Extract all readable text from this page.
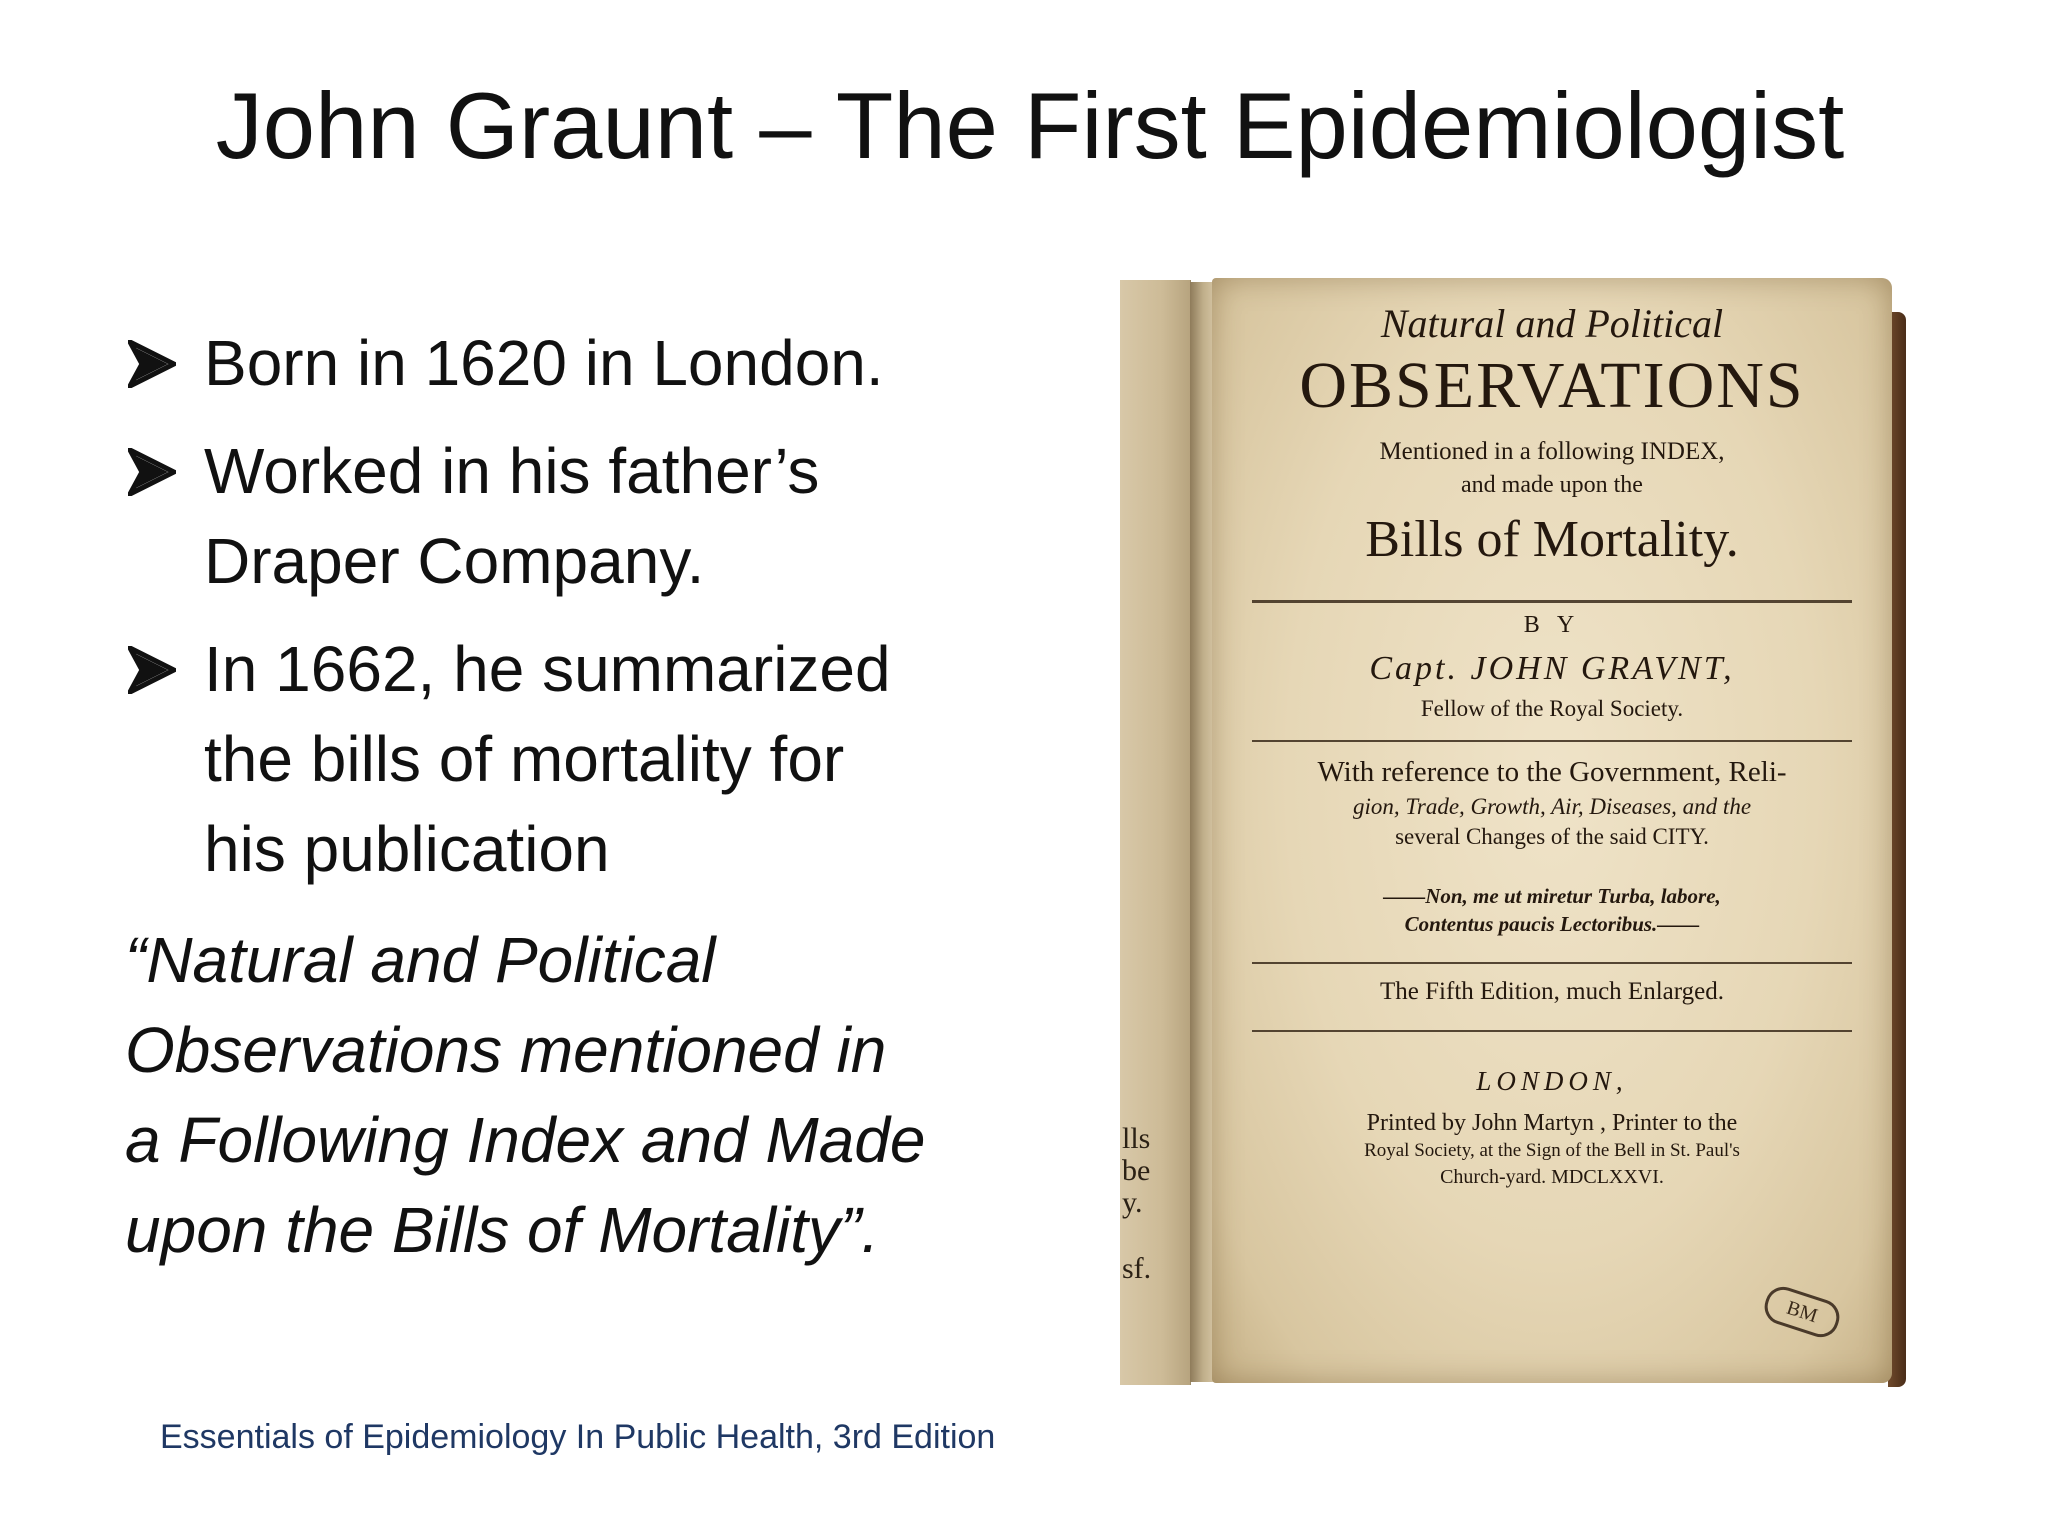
John Graunt – The First Epidemiologist
Born in 1620 in London.
Worked in his father’s
Draper Company.
In 1662, he summarized
the bills of mortality for
his publication
“Natural and Political
Observations mentioned in
a Following Index and Made
upon the Bills of Mortality”.
Essentials of Epidemiology In Public Health, 3rd Edition
lls
be
y.
sf.
Natural and Political
OBSERVATIONS
Mentioned in a following INDEX,
and made upon the
Bills of Mortality.
B Y
Capt. JOHN GRAVNT,
Fellow of the Royal Society.
With reference to the Government, Reli-
gion, Trade, Growth, Air, Diseases, and the
several Changes of the said CITY.
——Non, me ut miretur Turba, labore,
Contentus paucis Lectoribus.——
The Fifth Edition, much Enlarged.
LONDON,
Printed by John Martyn , Printer to the
Royal Society, at the Sign of the Bell in St. Paul's
Church-yard. MDCLXXVI.
BM
